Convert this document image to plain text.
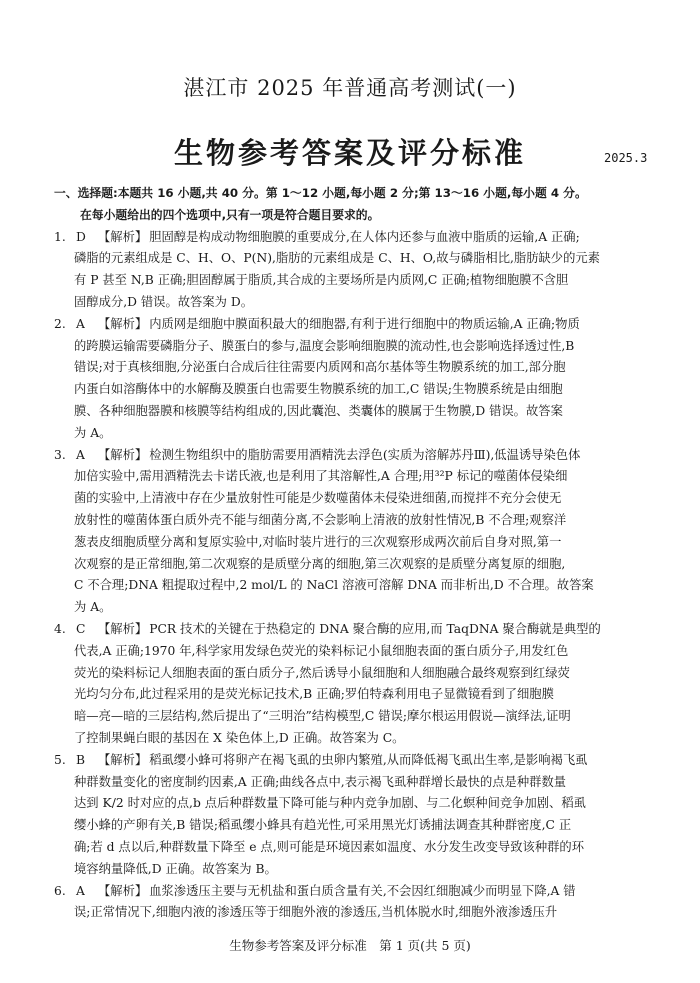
湛江市 2025 年普通高考测试(一)
生物参考答案及评分标准	2025.3
一、选择题:本题共 16 小题,共 40 分。第 1～12 小题,每小题 2 分;第 13～16 小题,每小题 4 分。
在每小题给出的四个选项中,只有一项是符合题目要求的。
1. D 【解析】 胆固醇是构成动物细胞膜的重要成分,在人体内还参与血液中脂质的运输,A 正确;
磷脂的元素组成是 C、H、O、P(N),脂肪的元素组成是 C、H、O,故与磷脂相比,脂肪缺少的元素
有 P 甚至 N,B 正确;胆固醇属于脂质,其合成的主要场所是内质网,C 正确;植物细胞膜不含胆
固醇成分,D 错误。故答案为 D。
2. A 【解析】 内质网是细胞中膜面积最大的细胞器,有利于进行细胞中的物质运输,A 正确;物质
的跨膜运输需要磷脂分子、膜蛋白的参与,温度会影响细胞膜的流动性,也会影响选择透过性,B
错误;对于真核细胞,分泌蛋白合成后往往需要内质网和高尔基体等生物膜系统的加工,部分胞
内蛋白如溶酶体中的水解酶及膜蛋白也需要生物膜系统的加工,C 错误;生物膜系统是由细胞
膜、各种细胞器膜和核膜等结构组成的,因此囊泡、类囊体的膜属于生物膜,D 错误。故答案
为 A。
3. A 【解析】 检测生物组织中的脂肪需要用酒精洗去浮色(实质为溶解苏丹Ⅲ),低温诱导染色体
加倍实验中,需用酒精洗去卡诺氏液,也是利用了其溶解性,A 合理;用³²P 标记的噬菌体侵染细
菌的实验中,上清液中存在少量放射性可能是少数噬菌体未侵染进细菌,而搅拌不充分会使无
放射性的噬菌体蛋白质外壳不能与细菌分离,不会影响上清液的放射性情况,B 不合理;观察洋
葱表皮细胞质壁分离和复原实验中,对临时装片进行的三次观察形成两次前后自身对照,第一
次观察的是正常细胞,第二次观察的是质壁分离的细胞,第三次观察的是质壁分离复原的细胞,
C 不合理;DNA 粗提取过程中,2 mol/L 的 NaCl 溶液可溶解 DNA 而非析出,D 不合理。故答案
为 A。
4. C 【解析】 PCR 技术的关键在于热稳定的 DNA 聚合酶的应用,而 TaqDNA 聚合酶就是典型的
代表,A 正确;1970 年,科学家用发绿色荧光的染料标记小鼠细胞表面的蛋白质分子,用发红色
荧光的染料标记人细胞表面的蛋白质分子,然后诱导小鼠细胞和人细胞融合最终观察到红绿荧
光均匀分布,此过程采用的是荧光标记技术,B 正确;罗伯特森利用电子显微镜看到了细胞膜
暗—亮—暗的三层结构,然后提出了“三明治”结构模型,C 错误;摩尔根运用假说—演绎法,证明
了控制果蝇白眼的基因在 X 染色体上,D 正确。故答案为 C。
5. B 【解析】 稻虱缨小蜂可将卵产在褐飞虱的虫卵内繁殖,从而降低褐飞虱出生率,是影响褐飞虱
种群数量变化的密度制约因素,A 正确;曲线各点中,表示褐飞虱种群增长最快的点是种群数量
达到 K/2 时对应的点,b 点后种群数量下降可能与种内竞争加剧、与二化螟种间竞争加剧、稻虱
缨小蜂的产卵有关,B 错误;稻虱缨小蜂具有趋光性,可采用黑光灯诱捕法调查其种群密度,C 正
确;若 d 点以后,种群数量下降至 e 点,则可能是环境因素如温度、水分发生改变导致该种群的环
境容纳量降低,D 正确。故答案为 B。
6. A 【解析】 血浆渗透压主要与无机盐和蛋白质含量有关,不会因红细胞减少而明显下降,A 错
误;正常情况下,细胞内液的渗透压等于细胞外液的渗透压,当机体脱水时,细胞外液渗透压升
生物参考答案及评分标准　第 1 页(共 5 页)
